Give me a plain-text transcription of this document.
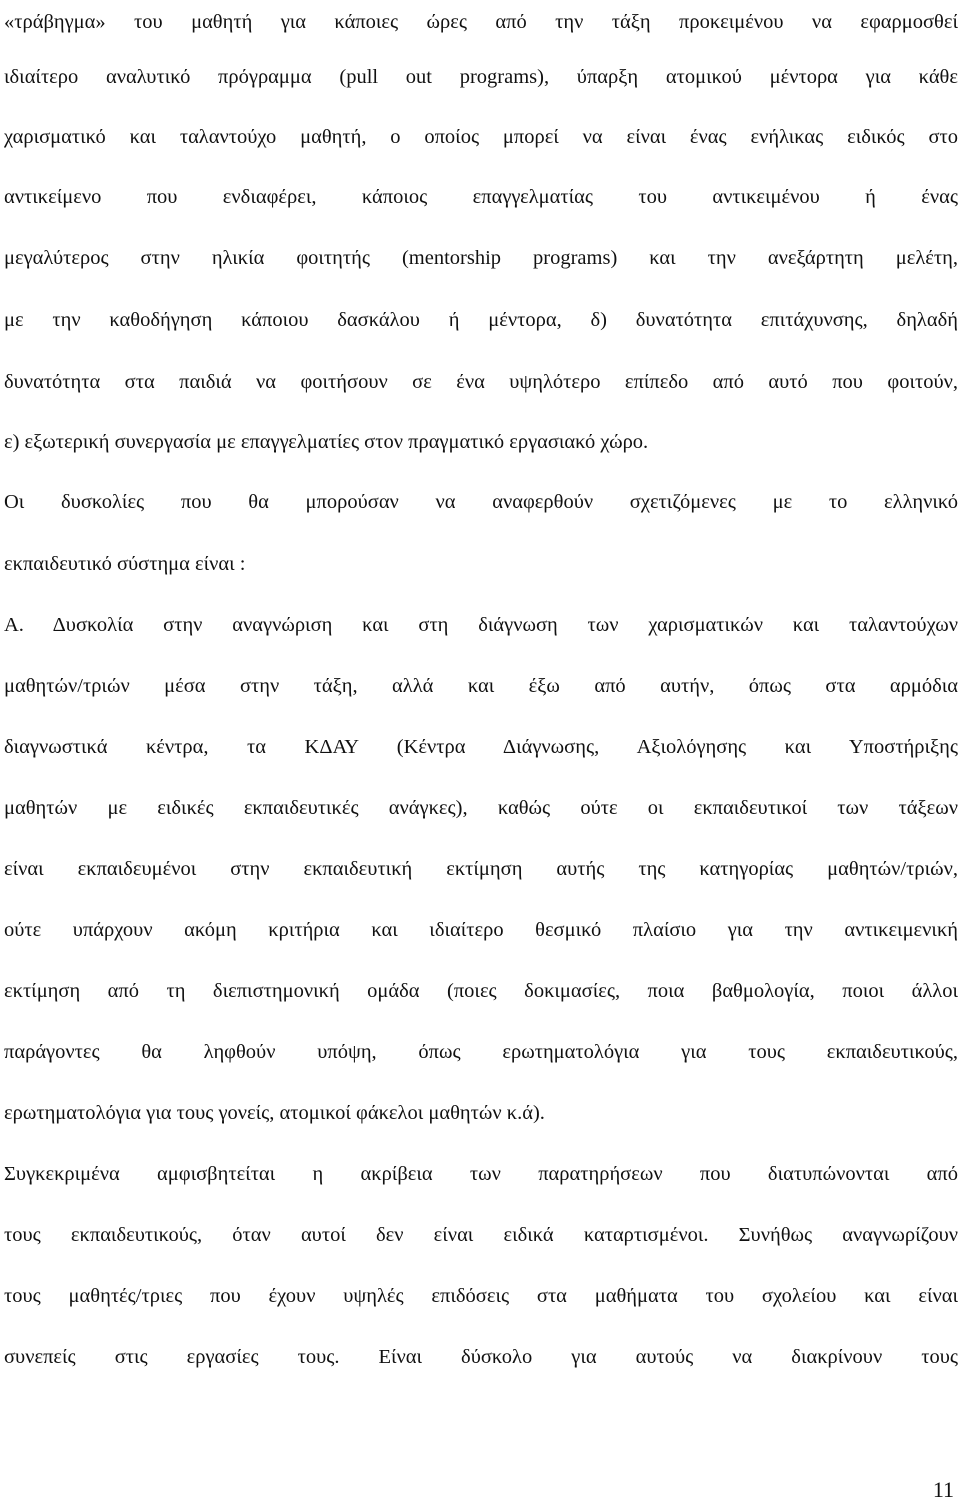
«τράβηγμα» του μαθητή για κάποιες ώρες από την τάξη προκειμένου να εφαρμοσθεί
ιδιαίτερο αναλυτικό πρόγραμμα (pull out programs), ύπαρξη ατομικού μέντορα για κάθε
χαρισματικό και ταλαντούχο μαθητή, ο οποίος μπορεί να είναι ένας ενήλικας ειδικός στο
αντικείμενο που ενδιαφέρει, κάποιος επαγγελματίας του αντικειμένου ή ένας
μεγαλύτερος στην ηλικία φοιτητής (mentorship programs) και την ανεξάρτητη μελέτη,
με την καθοδήγηση κάποιου δασκάλου ή μέντορα, δ) δυνατότητα επιτάχυνσης, δηλαδή
δυνατότητα στα παιδιά να φοιτήσουν σε ένα υψηλότερο επίπεδο από αυτό που φοιτούν,
ε) εξωτερική συνεργασία με επαγγελματίες στον πραγματικό εργασιακό χώρο.
Οι δυσκολίες που θα μπορούσαν να αναφερθούν σχετιζόμενες με το ελληνικό
εκπαιδευτικό σύστημα είναι :
Α. Δυσκολία στην αναγνώριση και στη διάγνωση των χαρισματικών και ταλαντούχων
μαθητών/τριών μέσα στην τάξη, αλλά και έξω από αυτήν, όπως στα αρμόδια
διαγνωστικά κέντρα, τα ΚΔΑΥ (Κέντρα Διάγνωσης, Αξιολόγησης και Υποστήριξης
μαθητών με ειδικές εκπαιδευτικές ανάγκες), καθώς ούτε οι εκπαιδευτικοί των τάξεων
είναι εκπαιδευμένοι στην εκπαιδευτική εκτίμηση αυτής της κατηγορίας μαθητών/τριών,
ούτε υπάρχουν ακόμη κριτήρια και ιδιαίτερο θεσμικό πλαίσιο για την αντικειμενική
εκτίμηση από τη διεπιστημονική ομάδα (ποιες δοκιμασίες, ποια βαθμολογία, ποιοι άλλοι
παράγοντες θα ληφθούν υπόψη, όπως ερωτηματολόγια για τους εκπαιδευτικούς,
ερωτηματολόγια για τους γονείς, ατομικοί φάκελοι μαθητών κ.ά).
Συγκεκριμένα αμφισβητείται η ακρίβεια των παρατηρήσεων που διατυπώνονται από
τους εκπαιδευτικούς, όταν αυτοί δεν είναι ειδικά καταρτισμένοι. Συνήθως αναγνωρίζουν
τους μαθητές/τριες που έχουν υψηλές επιδόσεις στα μαθήματα του σχολείου και είναι
συνεπείς στις εργασίες τους. Είναι δύσκολο για αυτούς να διακρίνουν τους
11
